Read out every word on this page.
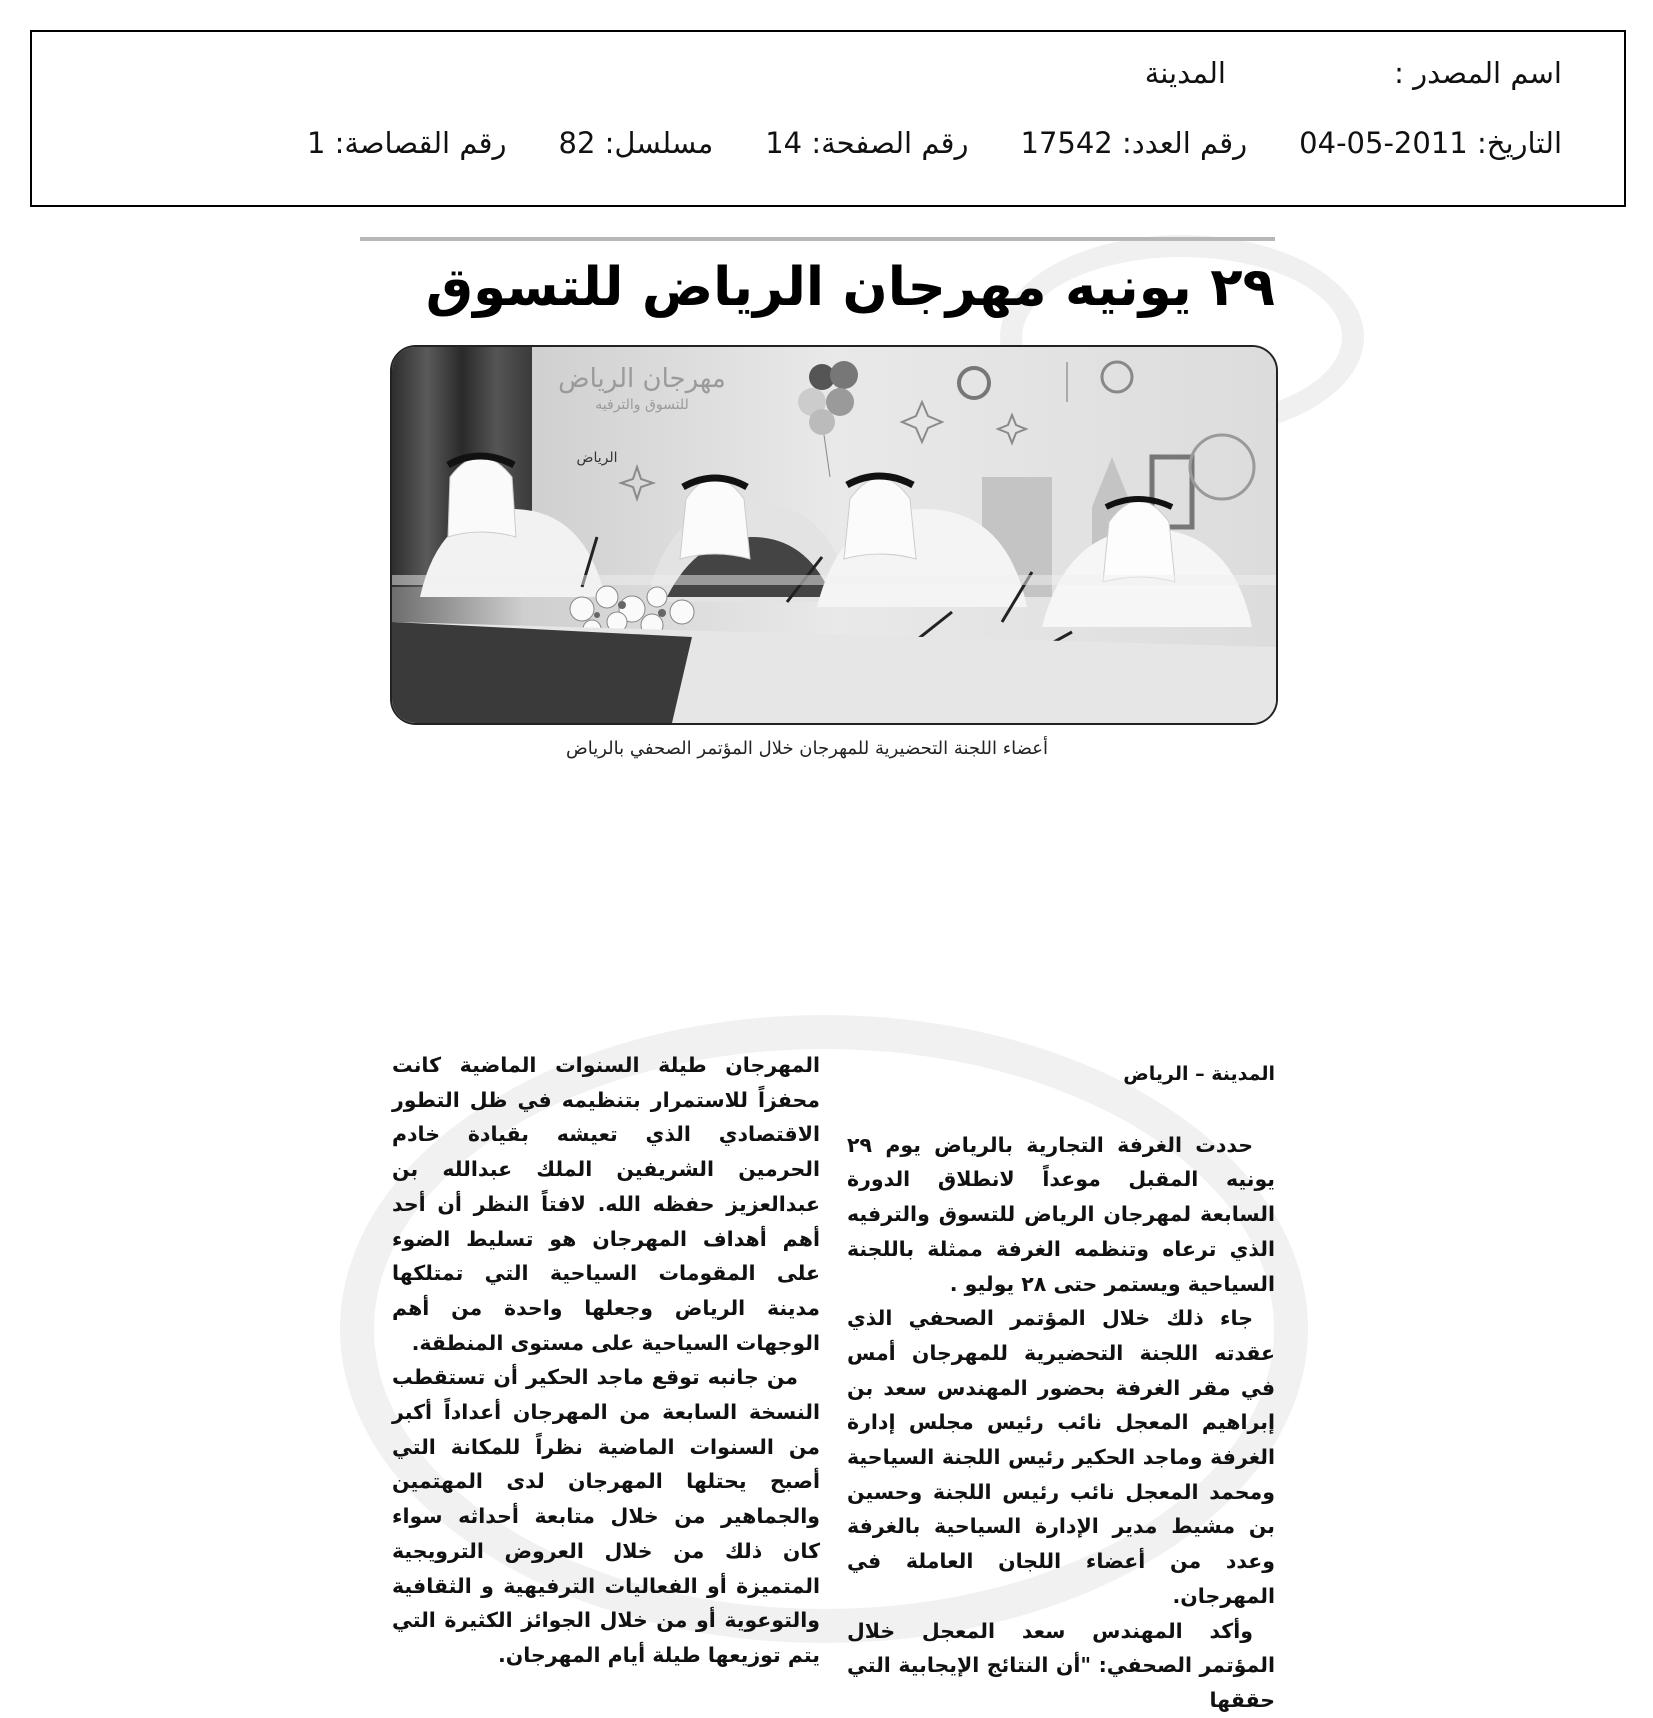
اسم المصدر :
المدينة
التاريخ: 2011-05-04
رقم العدد: 17542
رقم الصفحة: 14
مسلسل: 82
رقم القصاصة: 1
٢٩ يونيه مهرجان الرياض للتسوق
مهرجان الرياض
للتسوق والترفيه
الرياض
أعضاء اللجنة التحضيرية للمهرجان خلال المؤتمر الصحفي بالرياض

المدينة – الرياض

حددت الغرفة التجارية بالرياض يوم ٢٩ يونيه المقبل موعداً لانطلاق الدورة السابعة لمهرجان الرياض للتسوق والترفيه الذي ترعاه وتنظمه الغرفة ممثلة باللجنة السياحية ويستمر حتى ٢٨ يوليو .

جاء ذلك خلال المؤتمر الصحفي الذي عقدته اللجنة التحضيرية للمهرجان أمس في مقر الغرفة بحضور المهندس سعد بن إبراهيم المعجل نائب رئيس مجلس إدارة الغرفة وماجد الحكير رئيس اللجنة السياحية ومحمد المعجل نائب رئيس اللجنة وحسين بن مشيط مدير الإدارة السياحية بالغرفة وعدد من أعضاء اللجان العاملة في المهرجان.

وأكد المهندس سعد المعجل خلال المؤتمر الصحفي: "أن النتائج الإيجابية التي حققها

المهرجان طيلة السنوات الماضية كانت محفزاً للاستمرار بتنظيمه في ظل التطور الاقتصادي الذي تعيشه بقيادة خادم الحرمين الشريفين الملك عبدالله بن عبدالعزيز حفظه الله. لافتاً النظر أن أحد أهم أهداف المهرجان هو تسليط الضوء على المقومات السياحية التي تمتلكها مدينة الرياض وجعلها واحدة من أهم الوجهات السياحية على مستوى المنطقة.

من جانبه توقع ماجد الحكير أن تستقطب النسخة السابعة من المهرجان أعداداً أكبر من السنوات الماضية نظراً للمكانة التي أصبح يحتلها المهرجان لدى المهتمين والجماهير من خلال متابعة أحداثه سواء كان ذلك من خلال العروض الترويجية المتميزة أو الفعاليات الترفيهية و الثقافية والتوعوية أو من خلال الجوائز الكثيرة التي يتم توزيعها طيلة أيام المهرجان.
